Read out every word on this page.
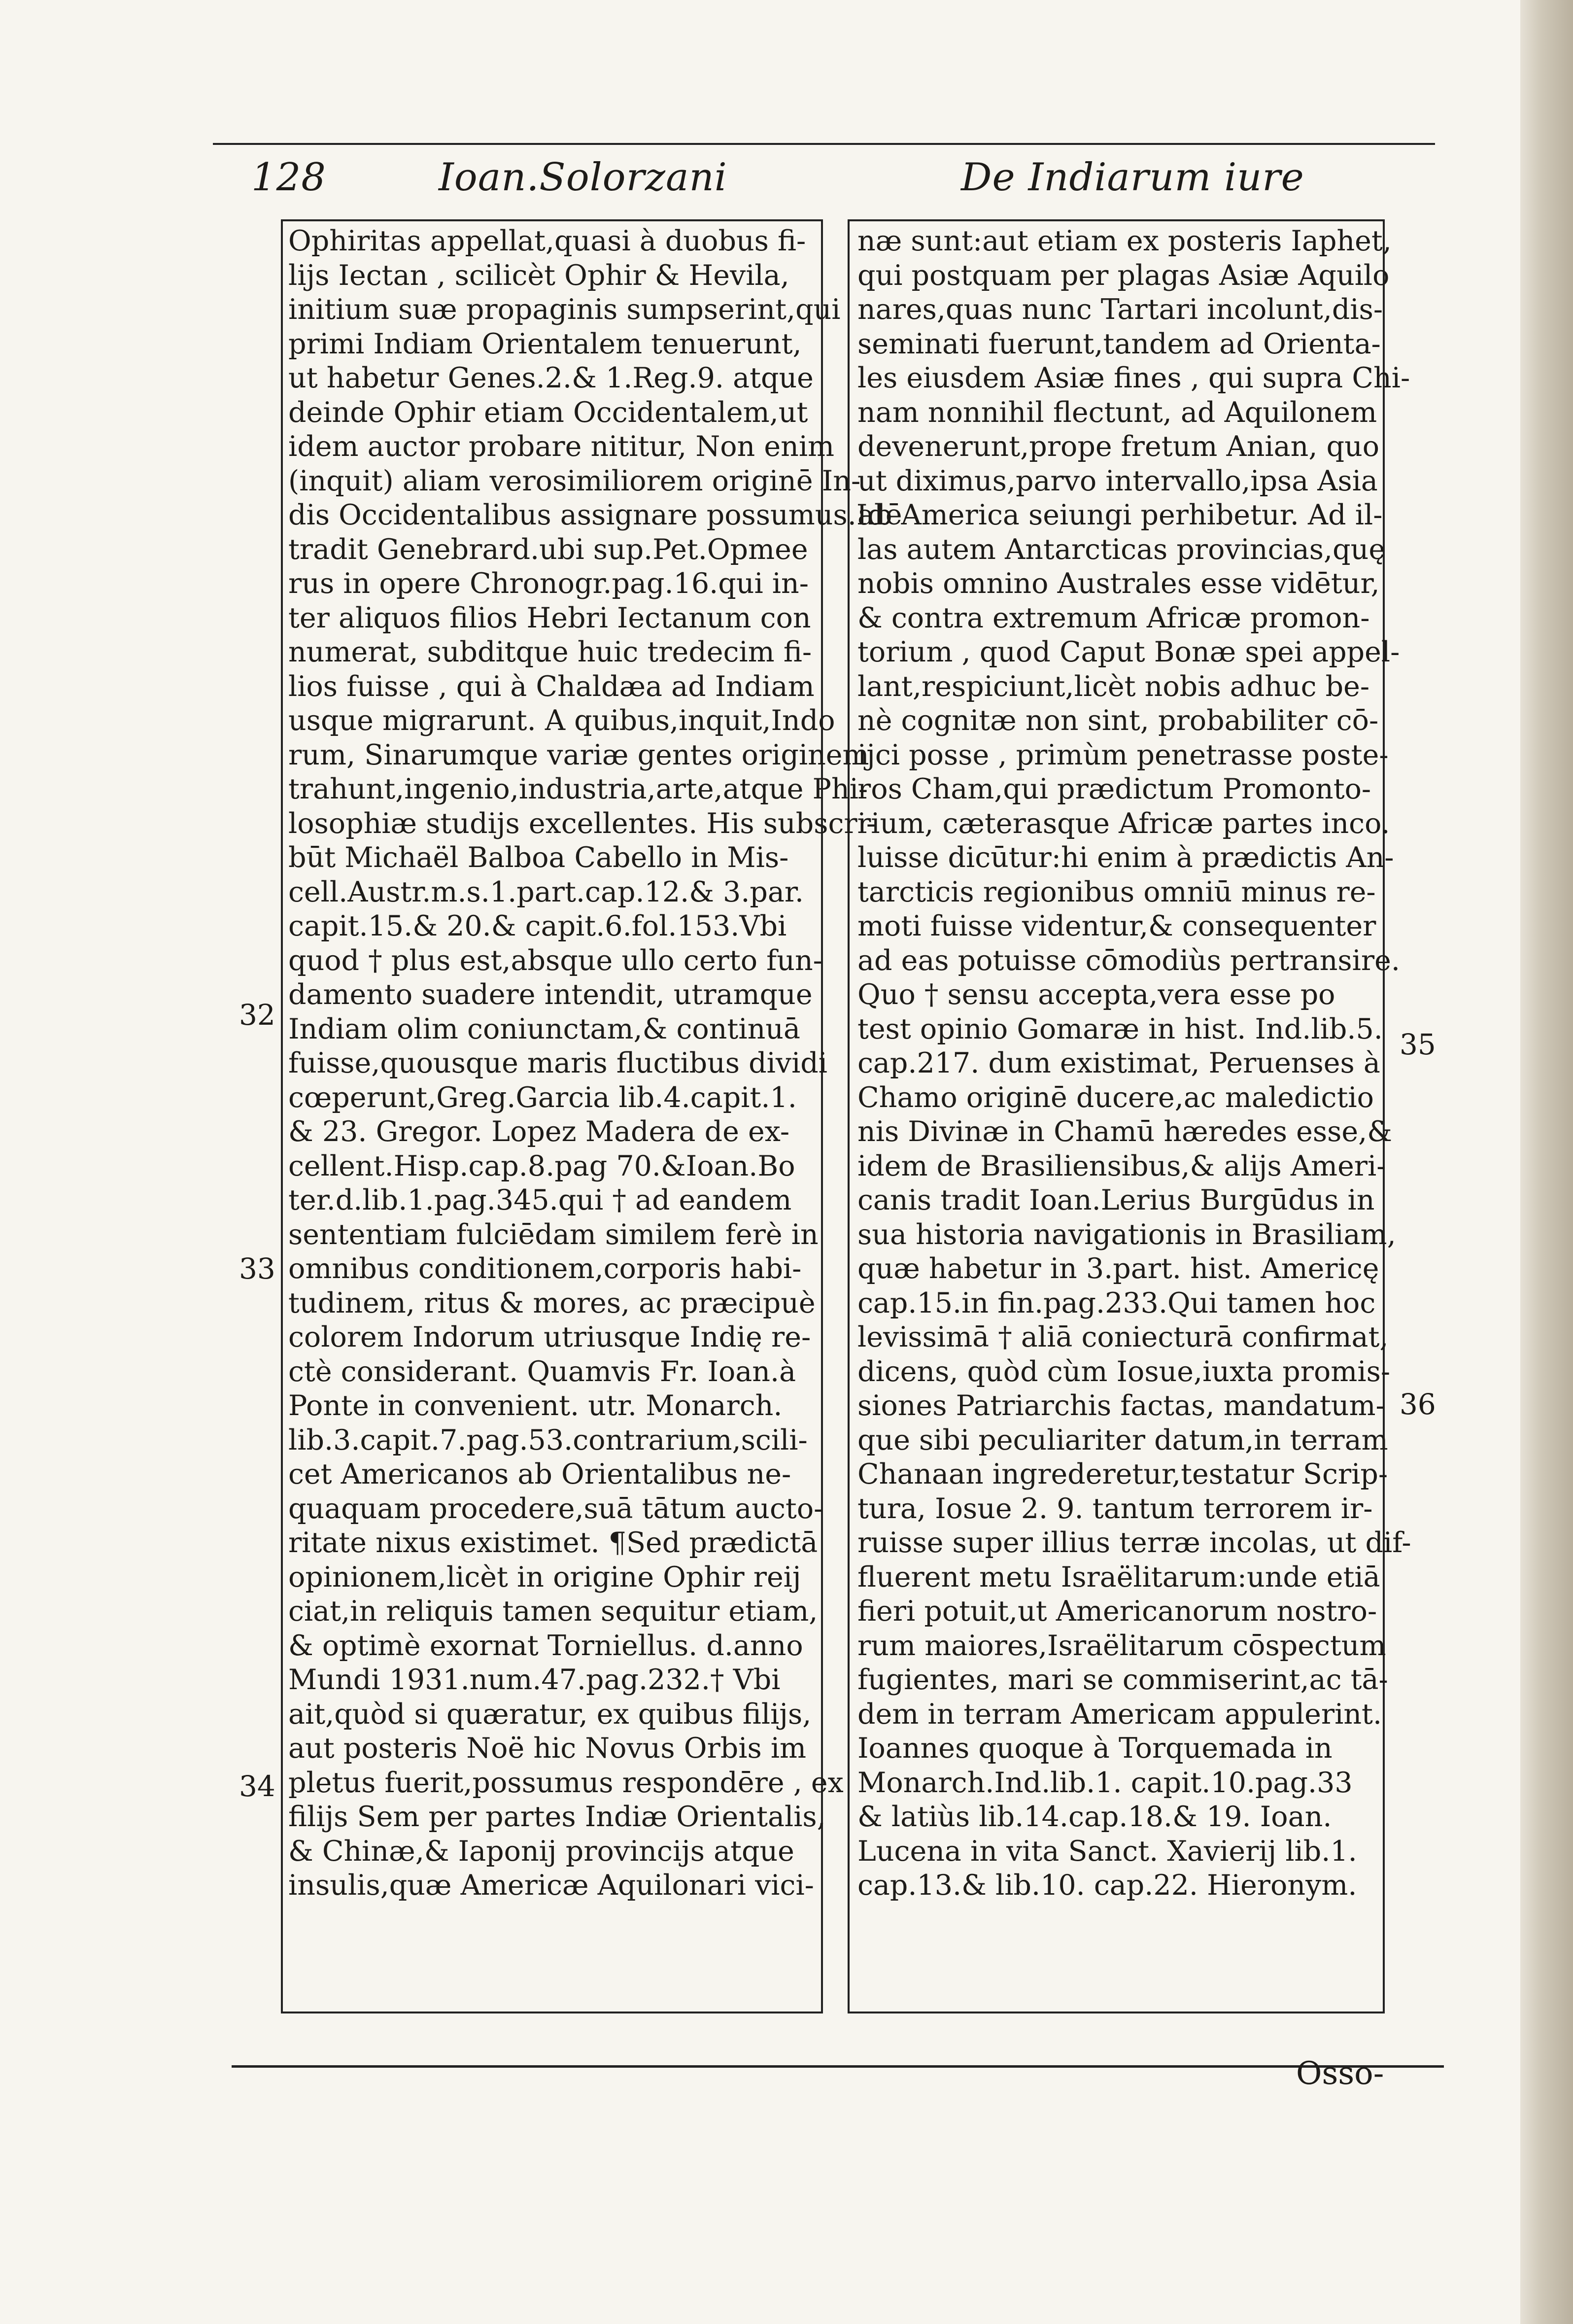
128	Ioan.Solorzani	De Indiarum iure
Ophiritas appellat,quasi à duobus fi-
lijs Iectan , scilicèt Ophir & Hevila,
initium suæ propaginis sumpserint,qui
primi Indiam Orientalem tenuerunt,
ut habetur Genes.2.& 1.Reg.9. atque
deinde Ophir etiam Occidentalem,ut
idem auctor probare nititur, Non enim
(inquit) aliam verosimiliorem originē In-
dis Occidentalibus assignare possumus.Idē
tradit Genebrard.ubi sup.Pet.Opmee
rus in opere Chronogr.pag.16.qui in-
ter aliquos filios Hebri Iectanum con
numerat, subditque huic tredecim fi-
lios fuisse , qui à Chaldæa ad Indiam
usque migrarunt. A quibus,inquit,Indo
rum, Sinarumque variæ gentes originem
trahunt,ingenio,industria,arte,atque Phi-
losophiæ studijs excellentes. His subscri-
būt Michaël Balboa Cabello in Mis-
cell.Austr.m.s.1.part.cap.12.& 3.par.
capit.15.& 20.& capit.6.fol.153.Vbi
quod † plus est,absque ullo certo fun-
damento suadere intendit, utramque
Indiam olim coniunctam,& continuā
fuisse,quousque maris fluctibus dividi
cœperunt,Greg.Garcia lib.4.capit.1.
& 23. Gregor. Lopez Madera de ex-
cellent.Hisp.cap.8.pag 70.&Ioan.Bo
ter.d.lib.1.pag.345.qui † ad eandem
sententiam fulciēdam similem ferè in
omnibus conditionem,corporis habi-
tudinem, ritus & mores, ac præcipuè
colorem Indorum utriusque Indię re-
ctè considerant. Quamvis Fr. Ioan.à
Ponte in convenient. utr. Monarch.
lib.3.capit.7.pag.53.contrarium,scili-
cet Americanos ab Orientalibus ne-
quaquam procedere,suā tātum aucto-
ritate nixus existimet. ¶Sed prædictā
opinionem,licèt in origine Ophir reij
ciat,in reliquis tamen sequitur etiam,
& optimè exornat Torniellus. d.anno
Mundi 1931.num.47.pag.232.† Vbi
ait,quòd si quæratur, ex quibus filijs,
aut posteris Noë hic Novus Orbis im
pletus fuerit,possumus respondēre , ex
filijs Sem per partes Indiæ Orientalis,
& Chinæ,& Iaponij provincijs atque
insulis,quæ Americæ Aquilonari vici-
næ sunt:aut etiam ex posteris Iaphet,
qui postquam per plagas Asiæ Aquilo
nares,quas nunc Tartari incolunt,dis-
seminati fuerunt,tandem ad Orienta-
les eiusdem Asiæ fines , qui supra Chi-
nam nonnihil flectunt, ad Aquilonem
devenerunt,prope fretum Anian, quo
ut diximus,parvo intervallo,ipsa Asia
ab America seiungi perhibetur. Ad il-
las autem Antarcticas provincias,quę
nobis omnino Australes esse vidētur,
& contra extremum Africæ promon-
torium , quod Caput Bonæ spei appel-
lant,respiciunt,licèt nobis adhuc be-
nè cognitæ non sint, probabiliter cō-
ijci posse , primùm penetrasse poste-
ros Cham,qui prædictum Promonto-
rium, cæterasque Africæ partes inco.
luisse dicūtur:hi enim à prædictis An-
tarcticis regionibus omniū minus re-
moti fuisse videntur,& consequenter
ad eas potuisse cōmodiùs pertransire.
Quo † sensu accepta,vera esse po
test opinio Gomaræ in hist. Ind.lib.5.
cap.217. dum existimat, Peruenses à
Chamo originē ducere,ac maledictio
nis Divinæ in Chamū hæredes esse,&
idem de Brasiliensibus,& alijs Ameri-
canis tradit Ioan.Lerius Burgūdus in
sua historia navigationis in Brasiliam,
quæ habetur in 3.part. hist. Americę
cap.15.in fin.pag.233.Qui tamen hoc
levissimā † aliā coniecturā confirmat,
dicens, quòd cùm Iosue,iuxta promis-
siones Patriarchis factas, mandatum-
que sibi peculiariter datum,in terram
Chanaan ingrederetur,testatur Scrip-
tura, Iosue 2. 9. tantum terrorem ir-
ruisse super illius terræ incolas, ut dif-
fluerent metu Israëlitarum:unde etiā
fieri potuit,ut Americanorum nostro-
rum maiores,Israëlitarum cōspectum
fugientes, mari se commiserint,ac tā-
dem in terram Americam appulerint.
Ioannes quoque à Torquemada in
Monarch.Ind.lib.1. capit.10.pag.33
& latiùs lib.14.cap.18.& 19. Ioan.
Lucena in vita Sanct. Xavierij lib.1.
cap.13.& lib.10. cap.22. Hieronym.
32
33
34
35
36
Osso-
